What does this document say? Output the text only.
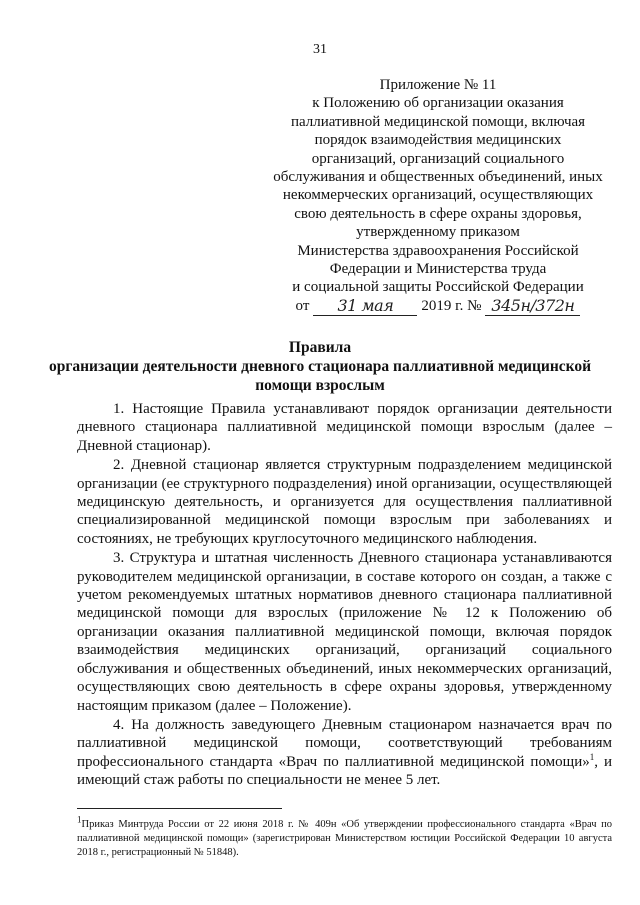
31
Приложение № 11
к Положению об организации оказания
паллиативной медицинской помощи, включая
порядок взаимодействия медицинских
организаций, организаций социального
обслуживания и общественных объединений, иных
некоммерческих организаций, осуществляющих
свою деятельность в сфере охраны здоровья,
утвержденному приказом
Министерства здравоохранения Российской
Федерации и Министерства труда
и социальной защиты Российской Федерации
от	31 мая	2019 г. № 345н/372н
Правила
организации деятельности дневного стационара паллиативной медицинской
помощи взрослым

1. Настоящие Правила устанавливают порядок организации деятельности дневного стационара паллиативной медицинской помощи взрослым (далее – Дневной стационар).

2. Дневной стационар является структурным подразделением медицинской организации (ее структурного подразделения) иной организации, осуществляющей медицинскую деятельность, и организуется для осуществления паллиативной специализированной медицинской помощи взрослым при заболеваниях и состояниях, не требующих круглосуточного медицинского наблюдения.

3. Структура и штатная численность Дневного стационара устанавливаются руководителем медицинской организации, в составе которого он создан, а также с учетом рекомендуемых штатных нормативов дневного стационара паллиативной медицинской помощи для взрослых (приложение № 12 к Положению об организации оказания паллиативной медицинской помощи, включая порядок взаимодействия медицинских организаций, организаций социального обслуживания и общественных объединений, иных некоммерческих организаций, осуществляющих свою деятельность в сфере охраны здоровья, утвержденному настоящим приказом (далее – Положение).

4. На должность заведующего Дневным стационаром назначается врач по паллиативной медицинской помощи, соответствующий требованиям профессионального стандарта «Врач по паллиативной медицинской помощи»$^1$, и имеющий стаж работы по специальности не менее 5 лет.

$^1$Приказ Минтруда России от 22 июня 2018 г. № 409н «Об утверждении профессионального стандарта «Врач по паллиативной медицинской помощи» (зарегистрирован Министерством юстиции Российской Федерации 10 августа 2018 г., регистрационный № 51848).
